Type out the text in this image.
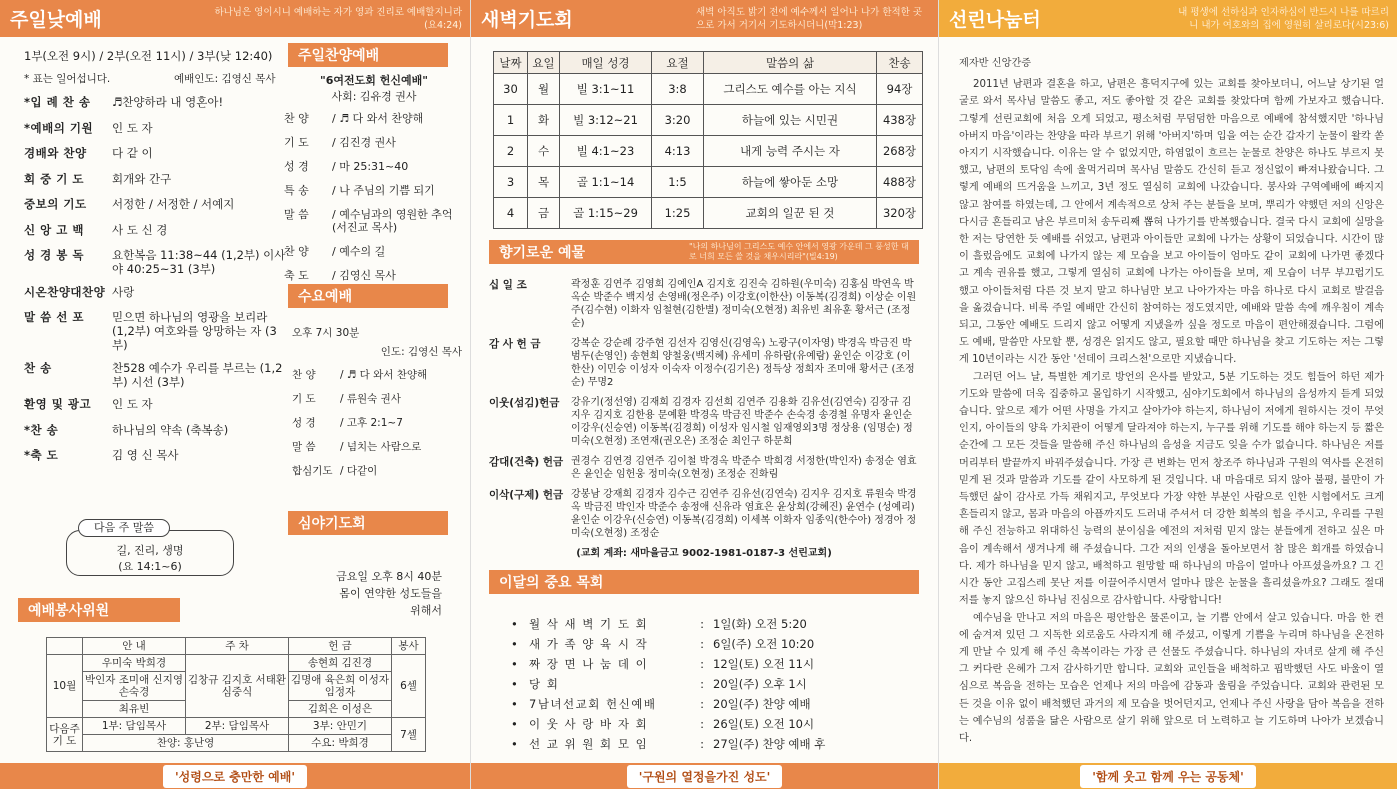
주일낮예배	하나님은 영이시니 예배하는 자가 영과 진리로 예배할지니라(요4:24)
1부(오전 9시) / 2부(오전 11시) / 3부(낮 12:40)
* 표는 일어섭니다.	예배인도: 김영신 목사
*입 례 찬 송	♬찬양하라 내 영혼아!
*예배의 기원	인 도 자
경배와 찬양	다 같 이
회 중 기 도	회개와 간구
중보의 기도	서정한 / 서정한 / 서예지
신 앙 고 백	사 도 신 경
성 경 봉 독	요한복음 11:38~44 (1,2부) 이사야 40:25~31 (3부)
시온찬양대찬양 사랑
말 씀 선 포	믿으면 하나님의 영광을 보리라 (1,2부) 여호와를 앙망하는 자 (3부)
찬 송	찬528 예수가 우리를 부르는 (1,2부) 시선 (3부)
환영 및 광고	인 도 자
*찬 송	하나님의 약속 (축복송)
*축 도	김 영 신 목사
주일찬양예배
"6여전도회 헌신예배"
사회: 김유경 권사
찬 양	/ ♬ 다 와서 찬양해
기 도	/ 김진경 권사
성 경	/ 마 25:31~40
특 송	/ 나 주님의 기쁨 되기
말 씀	/ 예수님과의 영원한 추억 (서진교 목사)
찬 양	/ 예수의 길
축 도	/ 김영신 목사
수요예배
오후 7시 30분
인도: 김영신 목사
찬 양	/ ♬ 다 와서 찬양해
기 도	/ 류원숙 권사
성 경	/ 고후 2:1~7
말 씀	/ 넘치는 사람으로
합심기도 / 다같이
심야기도회
금요일 오후 8시 40분
몸이 연약한 성도들을
위해서
다음 주 말씀
길, 진리, 생명
(요 14:1~6)
예배봉사위원
	안 내	주 차	헌 금	봉사
10월	우미숙 박희경	김창규 김지호 서태환 심중식	송현희 김진경	6셀
	박인자 조미애 신지영 손숙경		김명애 육은희 이성자 임정자	
	최유빈		김희은 이성은	
다음주 기 도	1부: 담임목사	2부: 담임목사	3부: 안민기	7셀
	찬양: 홍난영		수요: 박희경	
'성령으로 충만한 예배'
새벽기도회	새벽 아직도 밝기 전에 예수께서 일어나 나가 한적한 곳으로 가서 거기서 기도하시더니(막1:23)
날짜	요일	매일 성경	요절	말씀의 삶	찬송
30	월	빌 3:1~11	3:8	그리스도 예수를 아는 지식	94장
1	화	빌 3:12~21	3:20	하늘에 있는 시민권	438장
2	수	빌 4:1~23	4:13	내게 능력 주시는 자	268장
3	목	골 1:1~14	1:5	하늘에 쌓아둔 소망	488장
4	금	골 1:15~29	1:25	교회의 일꾼 된 것	320장
향기로운 예물	"나의 하나님이 그리스도 예수 안에서 영광 가운데 그 풍성한 대로 너희 모든 쓸 것을 채우시리라"(빌4:19)
십 일 조	곽정훈 김연주 김영희 김예인A 김지호 김진숙 김하원(우미숙) 김홍심 박연옥 박옥순 박준수 백지성 손영배(정은주) 이강호(이한산) 이동복(김경희) 이상순 이원주(김수현) 이화자 임철현(김한별) 정미숙(오현정) 최유빈 최유훈 황서근 (조정순)
감 사 헌 금	강복순 강순례 강주현 김선자 김영신(김영옥) 노광구(이자영) 박경옥 박금진 박범두(손영인) 송현희 양철웅(백지혜) 유세미 유하람(유예람) 윤인순 이강호 (이한산) 이민승 이성자 이숙자 이정수(김기은) 정득상 정희자 조미애 황서근 (조정순) 무명2
이웃(섬김)헌금	강유기(정선영) 김재희 김경자 김선희 김연주 김용화 김유선(김연숙) 김장규 김지우 김지호 김한용 문예환 박경옥 박금진 박준수 손숙경 송경철 유명자 윤인순 이강우(신승연) 이동복(김경희) 이성자 임시철 임재영외3명 정상용 (임명순) 정미숙(오현정) 조연재(권오은) 조정순 최인구 하문희
감대(건축) 헌금 권경수 김연경 김연주 김이철 박경옥 박준수 박희경 서정한(박인자) 송정순 염효은 윤인순 임헌웅 정미숙(오현정) 조정순 진화림
이삭(구제) 헌금 강봉남 강재희 김경자 김수근 김연주 김유선(김연숙) 김지우 김지호 류원숙 박경옥 박금진 박인자 박준수 송정애 신유라 염효은 윤상희(강혜진) 윤연수 (성예리) 윤인순 이강우(신승연) 이동복(김경희) 이세복 이화자 임종익(한수아) 정경아 정미숙(오현정) 조정순
(교회 계좌: 새마을금고 9002-1981-0187-3 선린교회)
이달의 중요 목회
• 월 삭 새 벽 기 도 회	: 1일(화) 오전 5:20
• 새 가 족 양 육 시 작	: 6일(주) 오전 10:20
• 짜 장 면 나 눔 데 이	: 12일(토) 오전 11시
• 당 회	: 20일(주) 오후 1시
• 7남녀선교회 헌신예배	: 20일(주) 찬양 예배
• 이 웃 사 랑 바 자 회	: 26일(토) 오전 10시
• 선 교 위 원 회 모 임	: 27일(주) 찬양 예배 후
'구원의 열정을가진 성도'
선린나눔터	내 평생에 선하심과 인자하심이 반드시 나를 따르리니 내가 여호와의 집에 영원히 살리로다(시23:6)
제자반 신앙간증

2011년 남편과 결혼을 하고, 남편은 흥덕지구에 있는 교회를 찾아보더니, 어느날 상기된 얼굴로 와서 목사님 말씀도 좋고, 저도 좋아할 것 같은 교회를 찾았다며 함께 가보자고 했습니다. 그렇게 선린교회에 처음 오게 되었고, 평소처럼 무덤덤한 마음으로 예배에 참석했지만 '하나님 아버지 마음'이라는 찬양을 따라 부르기 위해 '아버지'하며 입을 여는 순간 갑자기 눈물이 왈칵 쏟아지기 시작했습니다. 이유는 알 수 없었지만, 하염없이 흐르는 눈물로 찬양은 하나도 부르지 못했고, 남편의 토닥임 속에 울먹거리며 목사님 말씀도 간신히 듣고 정신없이 빠져나왔습니다. 그렇게 예배의 뜨거움을 느끼고, 3년 정도 열심히 교회에 나갔습니다. 봉사와 구역예배에 빠지지 않고 참여를 하였는데, 그 안에서 계속적으로 상처 주는 분들을 보며, 뿌리가 약했던 저의 신앙은 다시금 흔들리고 남은 부르미처 송두리째 뽑혀 나가기를 반복했습니다. 결국 다시 교회에 실망을 한 저는 당연한 듯 예배를 쉬었고, 남편과 아이들만 교회에 나가는 상황이 되었습니다. 시간이 많이 흘렀음에도 교회에 나가지 않는 제 모습을 보고 아이들이 엄마도 같이 교회에 나가면 좋겠다고 계속 권유를 했고, 그렇게 열심히 교회에 나가는 아이들을 보며, 제 모습이 너무 부끄럽기도 했고 아이들처럼 다른 것 보지 말고 하나님만 보고 나아가자는 마음 하나로 다시 교회로 발걸음을 옮겼습니다. 비록 주일 예배만 간신히 참여하는 정도였지만, 예배와 말씀 속에 깨우침이 계속되고, 그동안 예배도 드리지 않고 어떻게 지냈을까 싶을 정도로 마음이 편안해졌습니다. 그럼에도 예배, 말씀만 사모할 뿐, 성경은 읽지도 않고, 필요할 때만 하나님을 찾고 기도하는 저는 그렇게 10년이라는 시간 동안 '선데이 크리스천'으로만 지냈습니다.

그러던 어느 날, 특별한 계기로 방언의 은사를 받았고, 5분 기도하는 것도 힘들어 하던 제가 기도와 말씀에 더욱 집중하고 몰입하기 시작했고, 심야기도회에서 하나님의 음성까지 듣게 되었습니다. 앞으로 제가 어떤 사명을 가지고 살아가야 하는지, 하나님이 저에게 원하시는 것이 무엇인지, 아이들의 양육 가치관이 어떻게 달라져야 하는지, 누구를 위해 기도를 해야 하는지 등 짧은 순간에 그 모든 것들을 말씀해 주신 하나님의 음성을 지금도 잊을 수가 없습니다. 하나님은 저를 머리부터 발끝까지 바꿔주셨습니다. 가장 큰 변화는 먼저 창조주 하나님과 구원의 역사를 온전히 믿게 된 것과 말씀과 기도를 같이 사모하게 된 것입니다. 내 마음대로 되지 않아 불평, 불만이 가득했던 삶이 감사로 가득 채워지고, 무엇보다 가장 약한 부분인 사람으로 인한 시험에서도 크게 흔들리지 않고, 몸과 마음의 아픔까지도 드러내 주셔서 더 강한 회복의 힘을 주시고, 우리를 구원해 주신 전능하고 위대하신 능력의 분이심을 예전의 저처럼 믿지 않는 분들에게 전하고 싶은 마음이 계속해서 생겨나게 해 주셨습니다. 그간 저의 인생을 돌아보면서 참 많은 회개를 하였습니다. 제가 하나님을 믿지 않고, 배척하고 원망할 때 하나님의 마음이 얼마나 아프셨을까요? 그 긴 시간 동안 고집스레 못난 저를 이끌어주시면서 얼마나 많은 눈물을 흘리셨을까요? 그래도 절대 저를 놓지 않으신 하나님 진심으로 감사합니다. 사랑합니다!

예수님을 만나고 저의 마음은 평안함은 물론이고, 늘 기쁨 안에서 살고 있습니다. 마음 한 켠에 숨겨져 있던 그 지독한 외로움도 사라지게 해 주셨고, 이렇게 기쁨을 누리며 하나님을 온전하게 만날 수 있게 해 주신 축복이라는 가장 큰 선물도 주셨습니다. 하나님의 자녀로 살게 해 주신 그 커다란 은혜가 그저 감사하기만 합니다. 교회와 교인들을 배척하고 핍박했던 사도 바울이 열심으로 복음을 전하는 모습은 언제나 저의 마음에 감동과 울림을 주었습니다. 교회와 관련된 모든 것을 이유 없이 배척했던 과거의 제 모습을 벗어던지고, 언제나 주신 사랑을 담아 복음을 전하는 예수님의 성품을 닮은 사람으로 살기 위해 앞으로 더 노력하고 늘 기도하며 나아가 보겠습니다.

'함께 웃고 함께 우는 공동체'
